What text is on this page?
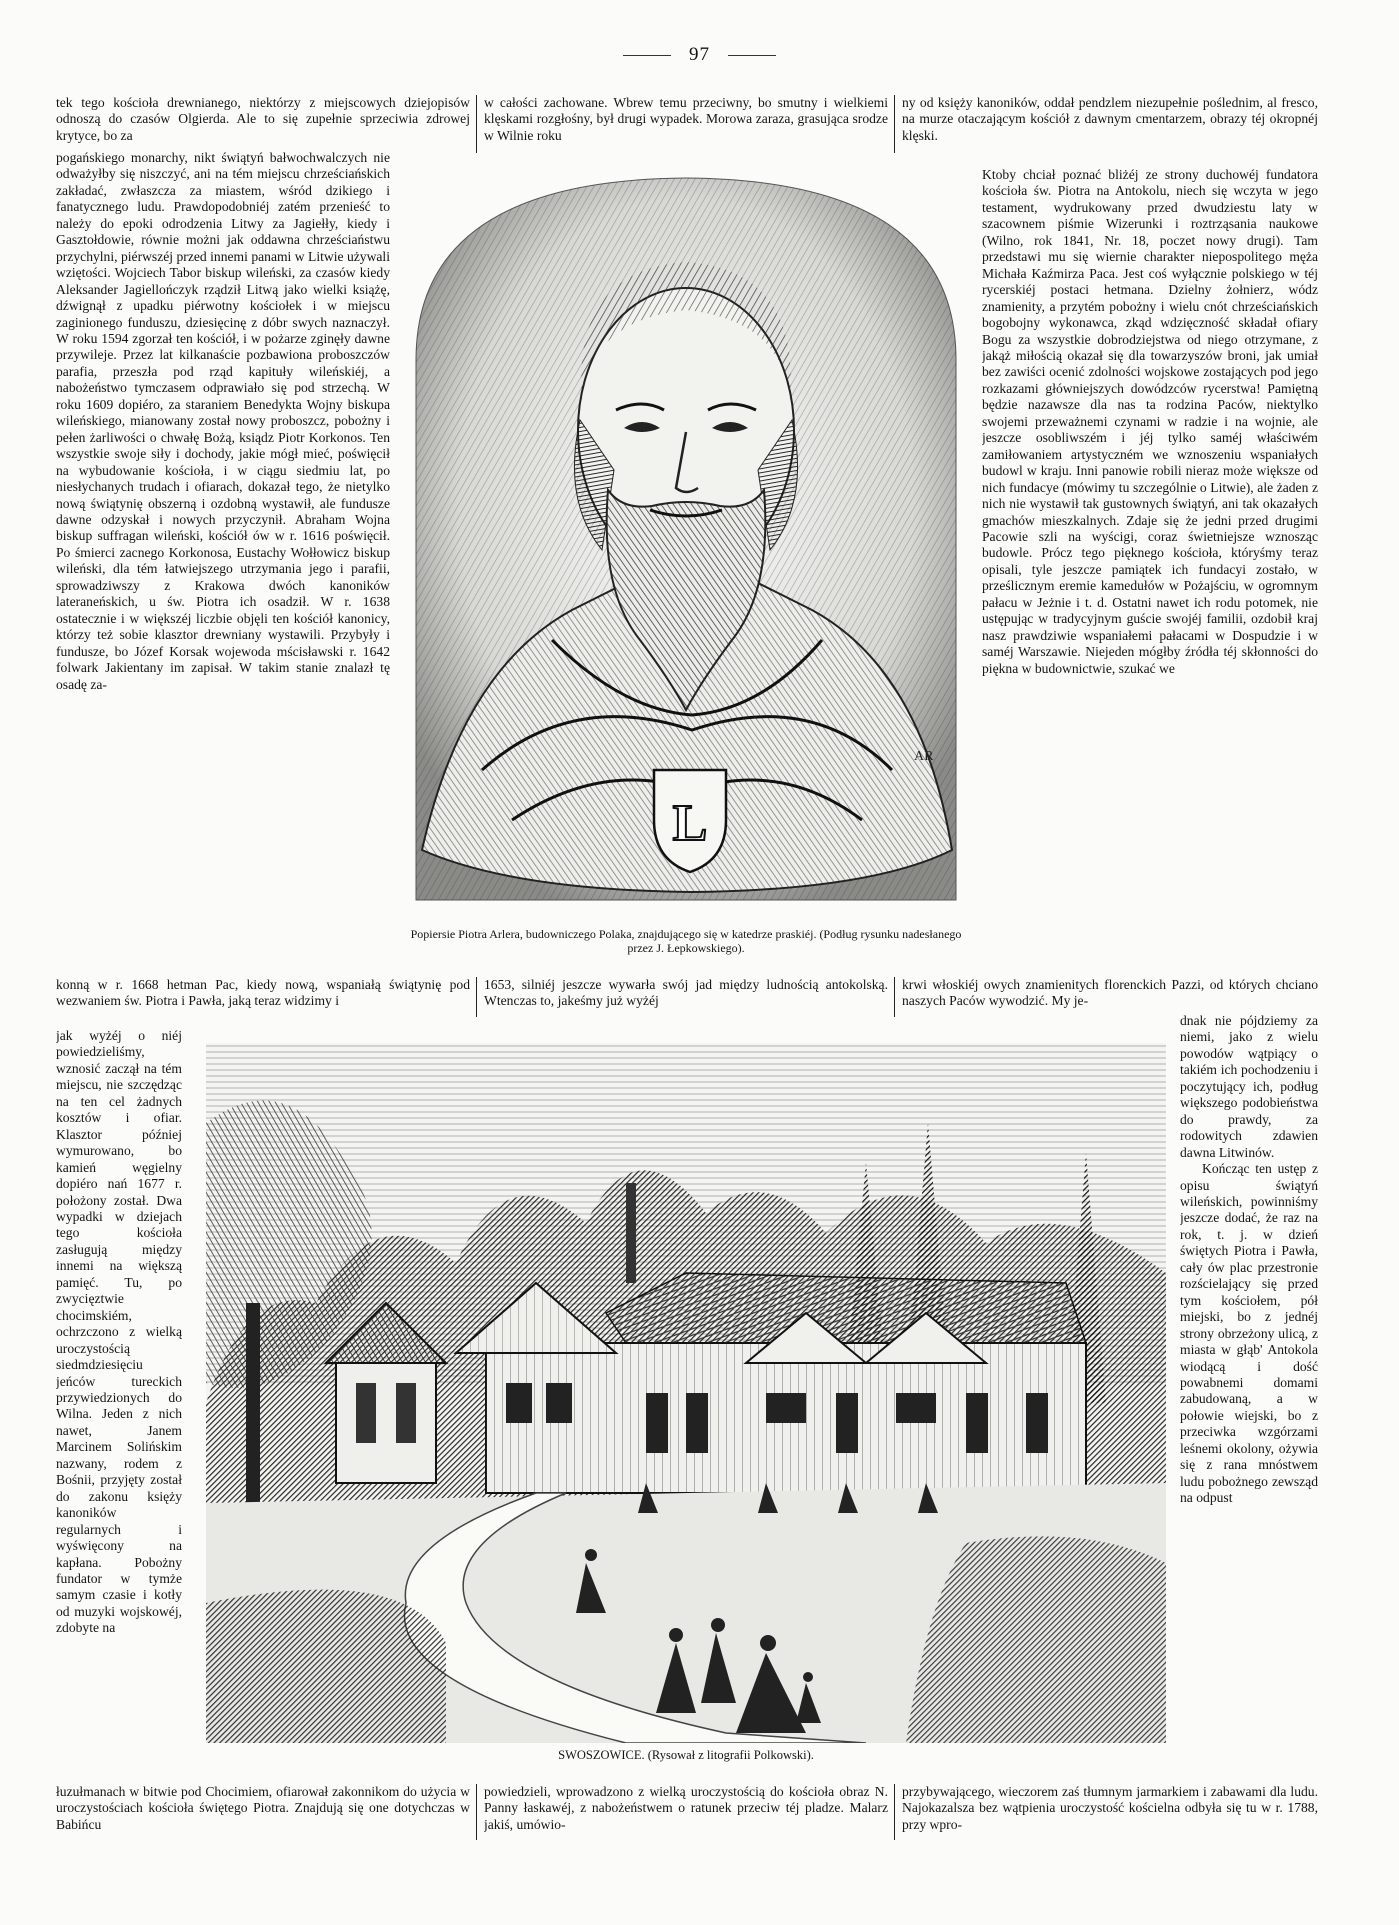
97

tek tego kościoła drewnianego, niektórzy z miejscowych dziejopisów odnoszą do czasów Olgierda. Ale to się zupełnie sprzeciwia zdrowej krytyce, bo za

w całości zachowane. Wbrew temu przeciwny, bo smutny i wielkiemi klęskami rozgłośny, był drugi wypadek. Morowa zaraza, grasująca srodze w Wilnie roku

ny od księży kanoników, oddał pendzlem niezupełnie poślednim, al fresco, na murze otaczającym kościół z dawnym cmentarzem, obrazy téj okropnéj klęski.

pogańskiego monarchy, nikt świątyń bałwochwalczych nie odważyłby się niszczyć, ani na tém miejscu chrześciańskich zakładać, zwłaszcza za miastem, wśród dzikiego i fanatycznego ludu. Prawdopodobniéj zatém przenieść to należy do epoki odrodzenia Litwy za Jagiełły, kiedy i Gasztołdowie, równie możni jak oddawna chrześciaństwu przychylni, piérwszéj przed innemi panami w Litwie używali wziętości. Wojciech Tabor biskup wileński, za czasów kiedy Aleksander Jagiellończyk rządził Litwą jako wielki książę, dźwignął z upadku piérwotny kościołek i w miejscu zaginionego funduszu, dziesięcinę z dóbr swych naznaczył. W roku 1594 zgorzał ten kościół, i w pożarze zginęły dawne przywileje. Przez lat kilkanaście pozbawiona proboszczów parafia, przeszła pod rząd kapituły wileńskiéj, a nabożeństwo tymczasem odprawiało się pod strzechą. W roku 1609 dopiéro, za staraniem Benedykta Wojny biskupa wileńskiego, mianowany został nowy proboszcz, pobożny i pełen żarliwości o chwałę Bożą, ksiądz Piotr Korkonos. Ten wszystkie swoje siły i dochody, jakie mógł mieć, poświęcił na wybudowanie kościoła, i w ciągu siedmiu lat, po niesłychanych trudach i ofiarach, dokazał tego, że nietylko nową świątynię obszerną i ozdobną wystawił, ale fundusze dawne odzyskał i nowych przyczynił. Abraham Wojna biskup suffragan wileński, kościół ów w r. 1616 poświęcił. Po śmierci zacnego Korkonosa, Eustachy Wołłowicz biskup wileński, dla tém łatwiejszego utrzymania jego i parafii, sprowadziwszy z Krakowa dwóch kanoników lateraneńskich, u św. Piotra ich osadził. W r. 1638 ostatecznie i w większéj liczbie objęli ten kościół kanonicy, którzy też sobie klasztor drewniany wystawili. Przybyły i fundusze, bo Józef Korsak wojewoda mścisławski r. 1642 folwark Jakientany im zapisał. W takim stanie znalazł tę osadę za-

Ktoby chciał poznać bliżéj ze strony duchowéj fundatora kościoła św. Piotra na Antokolu, niech się wczyta w jego testament, wydrukowany przed dwudziestu laty w szacownem piśmie Wizerunki i roztrząsania naukowe (Wilno, rok 1841, Nr. 18, poczet nowy drugi). Tam przedstawi mu się wiernie charakter niepospolitego męża Michała Kaźmirza Paca. Jest coś wyłącznie polskiego w téj rycerskiéj postaci hetmana. Dzielny żołnierz, wódz znamienity, a przytém pobożny i wielu cnót chrześciańskich bogobojny wykonawca, zkąd wdzięczność składał ofiary Bogu za wszystkie dobrodziejstwa od niego otrzymane, z jakąż miłością okazał się dla towarzyszów broni, jak umiał bez zawiści ocenić zdolności wojskowe zostających pod jego rozkazami główniejszych dowódzców rycerstwa! Pamiętną będzie nazawsze dla nas ta rodzina Paców, niektylko swojemi przeważnemi czynami w radzie i na wojnie, ale jeszcze osobliwszém i jéj tylko saméj właściwém zamiłowaniem artystyczném we wznoszeniu wspaniałych budowl w kraju. Inni panowie robili nieraz może większe od nich fundacye (mówimy tu szczególnie o Litwie), ale żaden z nich nie wystawił tak gustownych świątyń, ani tak okazałych gmachów mieszkalnych. Zdaje się że jedni przed drugimi Pacowie szli na wyścigi, coraz świetniejsze wznosząc budowle. Prócz tego pięknego kościoła, któryśmy teraz opisali, tyle jeszcze pamiątek ich fundacyi zostało, w prześlicznym eremie kamedułów w Pożajściu, w ogromnym pałacu w Jeżnie i t. d. Ostatni nawet ich rodu potomek, nie ustępując w tradycyjnym guście swojéj familii, ozdobił kraj nasz prawdziwie wspaniałemi pałacami w Dospudzie i w saméj Warszawie. Niejeden mógłby źródła téj skłonności do piękna w budownictwie, szukać we

L
AR
Popiersie Piotra Arlera, budowniczego Polaka, znajdującego się w katedrze praskiéj. (Podług rysunku nadesłanego przez J. Łepkowskiego).

konną w r. 1668 hetman Pac, kiedy nową, wspaniałą świątynię pod wezwaniem św. Piotra i Pawła, jaką teraz widzimy i

1653, silniéj jeszcze wywarła swój jad między ludnością antokolską. Wtenczas to, jakeśmy już wyżéj

krwi włoskiéj owych znamienitych florenckich Pazzi, od których chciano naszych Paców wywodzić. My je-

jak wyżéj o niéj powiedzieliśmy, wznosić zaczął na tém miejscu, nie szczędząc na ten cel żadnych kosztów i ofiar. Klasztor później wymurowano, bo kamień węgielny dopiéro nań 1677 r. położony został. Dwa wypadki w dziejach tego kościoła zasługują między innemi na większą pamięć. Tu, po zwycięztwie chocimskiém, ochrzczono z wielką uroczystością siedmdziesięciu jeńców tureckich przywiedzionych do Wilna. Jeden z nich nawet, Janem Marcinem Solińskim nazwany, rodem z Bośnii, przyjęty został do zakonu księży kanoników regularnych i wyświęcony na kapłana. Pobożny fundator w tymże samym czasie i kotły od muzyki wojskowéj, zdobyte na

dnak nie pójdziemy za niemi, jako z wielu powodów wątpiący o takiém ich pochodzeniu i poczytujący ich, podług większego podobieństwa do prawdy, za rodowitych zdawien dawna Litwinów.

Kończąc ten ustęp z opisu świątyń wileńskich, powinniśmy jeszcze dodać, że raz na rok, t. j. w dzień świętych Piotra i Pawła, cały ów plac przestronie rozścielający się przed tym kościołem, pół miejski, bo z jednéj strony obrzeżony ulicą, z miasta w głąb' Antokola wiodącą i dość powabnemi domami zabudowaną, a w połowie wiejski, bo z przeciwka wzgórzami leśnemi okolony, ożywia się z rana mnóstwem ludu pobożnego zewsząd na odpust

SWOSZOWICE. (Rysował z litografii Polkowski).

łuzułmanach w bitwie pod Chocimiem, ofiarował zakonnikom do użycia w uroczystościach kościoła świętego Piotra. Znajdują się one dotychczas w Babińcu

powiedzieli, wprowadzono z wielką uroczystością do kościoła obraz N. Panny łaskawéj, z nabożeństwem o ratunek przeciw téj pladze. Malarz jakiś, umówio-

przybywającego, wieczorem zaś tłumnym jarmarkiem i zabawami dla ludu. Najokazalsza bez wątpienia uroczystość kościelna odbyła się tu w r. 1788, przy wpro-
